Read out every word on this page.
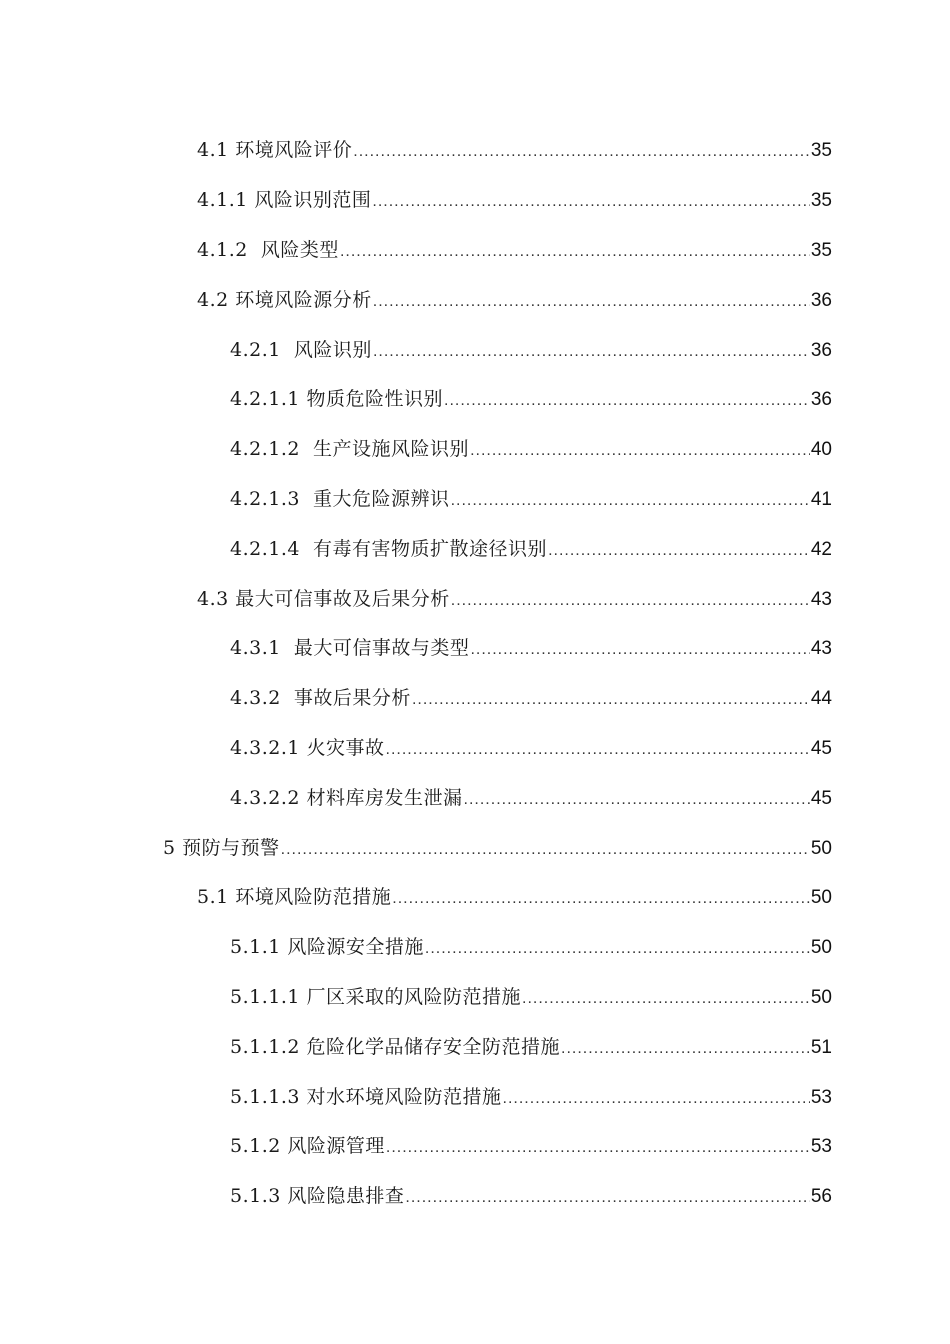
4.1 环境风险评价 .....	35
4.1.1 风险识别范围 .....	35
4.1.2  风险类型 .....	35
4.2 环境风险源分析 .....	36
4.2.1  风险识别 .....	36
4.2.1.1 物质危险性识别 .....	36
4.2.1.2  生产设施风险识别 .....	40
4.2.1.3  重大危险源辨识 .....	41
4.2.1.4  有毒有害物质扩散途径识别 .....	42
4.3 最大可信事故及后果分析 .....	43
4.3.1  最大可信事故与类型 .....	43
4.3.2  事故后果分析 .....	44
4.3.2.1 火灾事故 .....	45
4.3.2.2 材料库房发生泄漏 .....	45
5 预防与预警 .....	50
5.1 环境风险防范措施 .....	50
5.1.1 风险源安全措施 .....	50
5.1.1.1 厂区采取的风险防范措施 .....	50
5.1.1.2 危险化学品储存安全防范措施 .....	51
5.1.1.3 对水环境风险防范措施 .....	53
5.1.2 风险源管理 .....	53
5.1.3 风险隐患排查 .....	56
